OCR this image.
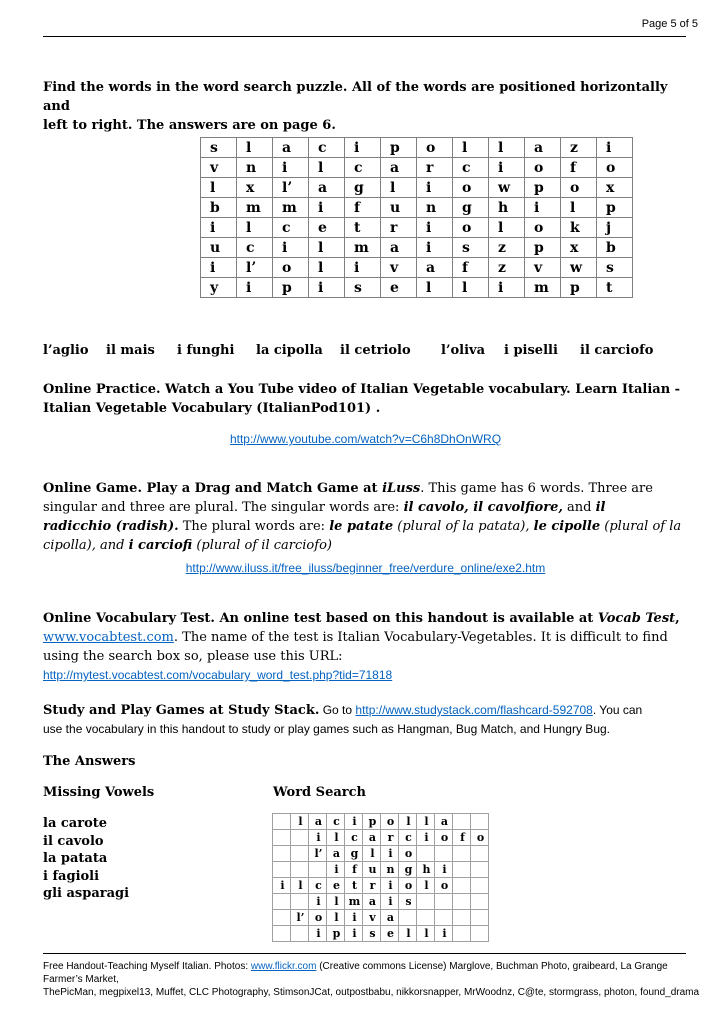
Page 5 of 5
Find the words in the word search puzzle. All of the words are positioned horizontally and
left to right. The answers are on page 6.
s	l	a	c	i	p	o	l	l	a	z	i
v	n	i	l	c	a	r	c	i	o	f	o
l	x	l’	a	g	l	i	o	w	p	o	x
b	m	m	i	f	u	n	g	h	i	l	p
i	l	c	e	t	r	i	o	l	o	k	j
u	c	i	l	m	a	i	s	z	p	x	b
i	l’	o	l	i	v	a	f	z	v	w	s
y	i	p	i	s	e	l	l	i	m	p	t
l’aglio il mais i funghi la cipolla il cetriolo l’oliva i piselli il carciofo
Online Practice. Watch a You Tube video of Italian Vegetable vocabulary. Learn Italian -
Italian Vegetable Vocabulary (ItalianPod101) .
http://www.youtube.com/watch?v=C6h8DhOnWRQ
Online Game. Play a Drag and Match Game at iLuss. This game has 6 words. Three are
singular and three are plural. The singular words are: il cavolo, il cavolfiore, and il
radicchio (radish). The plural words are: le patate (plural of la patata), le cipolle (plural of la
cipolla), and i carciofi (plural of il carciofo)
http://www.iluss.it/free_iluss/beginner_free/verdure_online/exe2.htm
Online Vocabulary Test. An online test based on this handout is available at Vocab Test,
www.vocabtest.com. The name of the test is Italian Vocabulary-Vegetables. It is difficult to find
using the search box so, please use this URL:
http://mytest.vocabtest.com/vocabulary_word_test.php?tid=71818
Study and Play Games at Study Stack. Go to http://www.studystack.com/flashcard-592708. You can
use the vocabulary in this handout to study or play games such as Hangman, Bug Match, and Hungry Bug.
The Answers
Missing Vowels	Word Search
la carote
il cavolo
la patata
i fagioli
gli asparagi
	l	a	c	i	p	o	l	l	a		
		i	l	c	a	r	c	i	o	f	o
		l’	a	g	l	i	o				
			i	f	u	n	g	h	i		
i	l	c	e	t	r	i	o	l	o		
		i	l	m	a	i	s				
	l’	o	l	i	v	a					
		i	p	i	s	e	l	l	i		
Free Handout-Teaching Myself Italian. Photos: www.flickr.com (Creative commons License) Marglove, Buchman Photo, graibeard, La Grange Farmer’s Market,
ThePicMan, megpixel13, Muffet, CLC Photography, StimsonJCat, outpostbabu, nikkorsnapper, MrWoodnz, C@te, stormgrass, photon, found_drama
